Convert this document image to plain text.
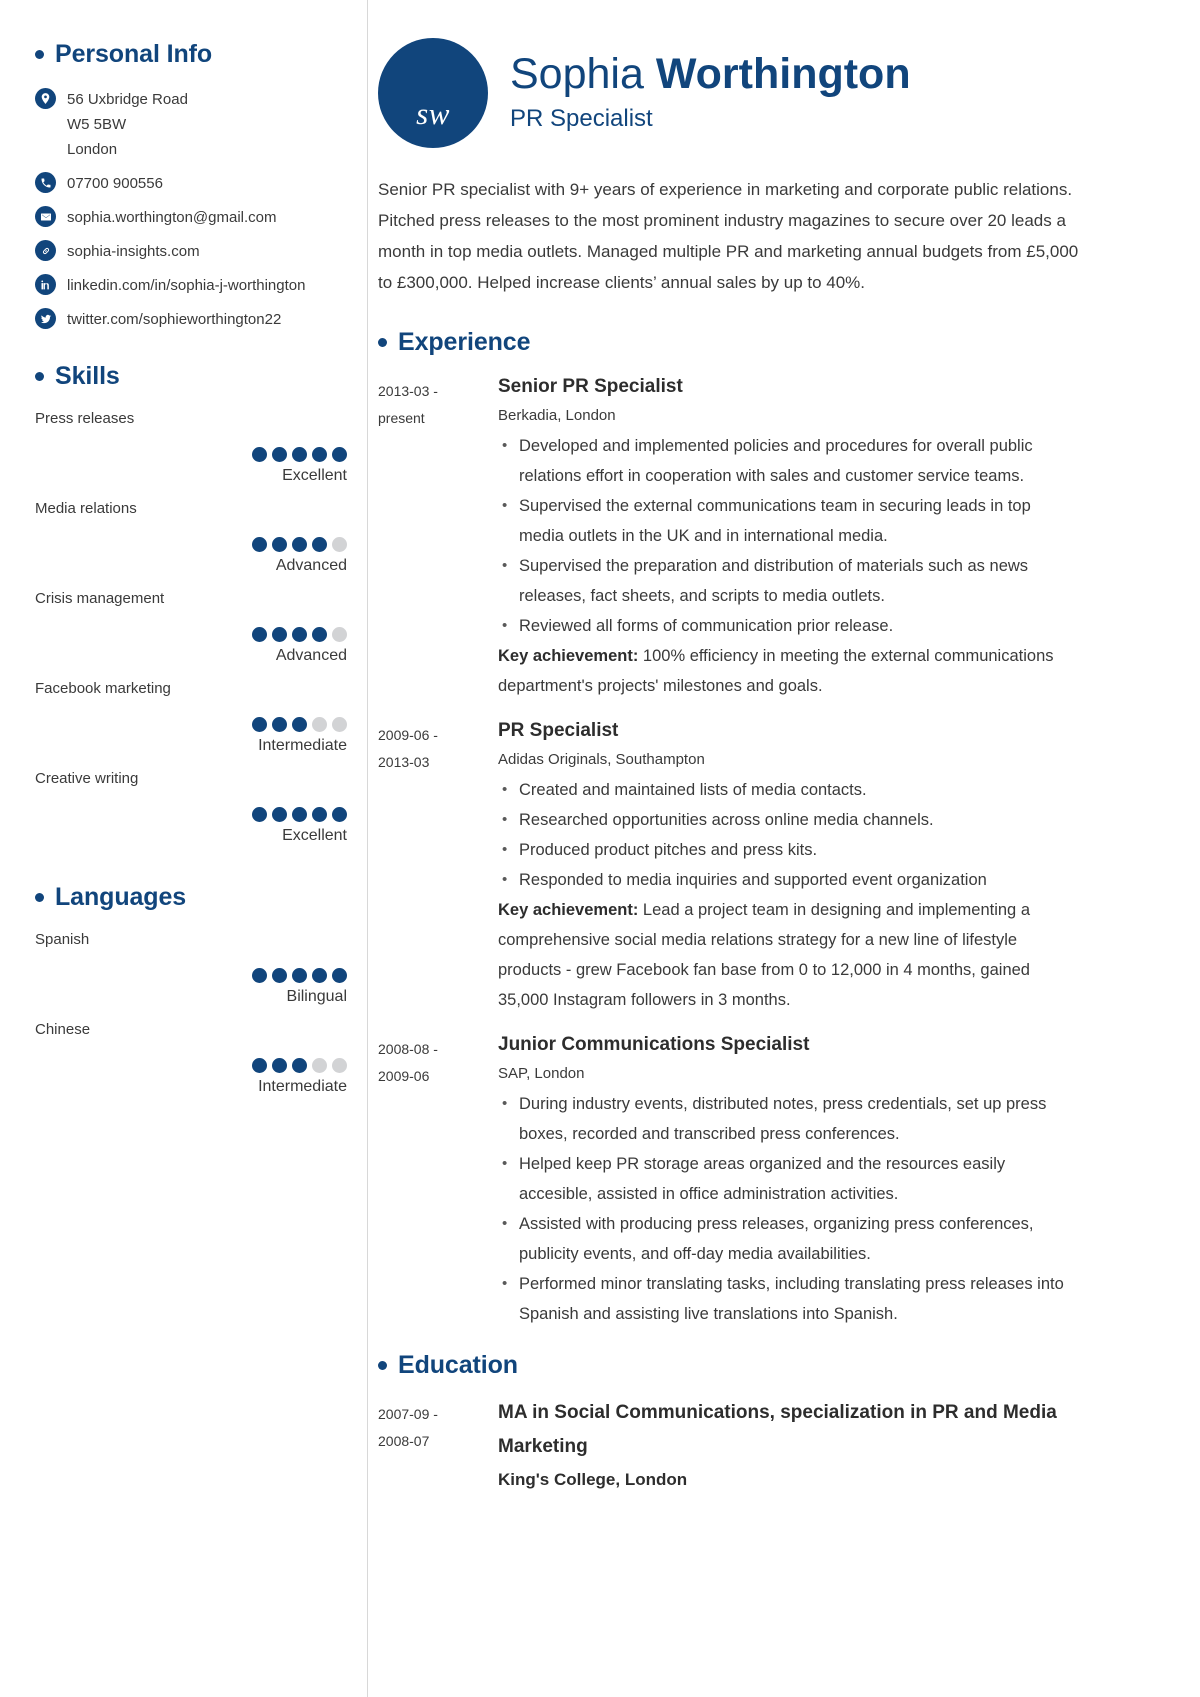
Personal Info
56 Uxbridge Road
W5 5BW
London
07700 900556
sophia.worthington@gmail.com
sophia-insights.com
linkedin.com/in/sophia-j-worthington
twitter.com/sophieworthington22
Skills
Press releases
Excellent
Media relations
Advanced
Crisis management
Advanced
Facebook marketing
Intermediate
Creative writing
Excellent
Languages
Spanish
Bilingual
Chinese
Intermediate
sw
Sophia Worthington
PR Specialist

Senior PR specialist with 9+ years of experience in marketing and corporate public relations. Pitched press releases to the most prominent industry magazines to secure over 20 leads a month in top media outlets. Managed multiple PR and marketing annual budgets from £5,000 to £300,000. Helped increase clients’ annual sales by up to 40%.

Experience
2013-03 -
present
Senior PR Specialist
Berkadia, London
• Developed and implemented policies and procedures for overall public relations effort in cooperation with sales and customer service teams.
• Supervised the external communications team in securing leads in top media outlets in the UK and in international media.
• Supervised the preparation and distribution of materials such as news releases, fact sheets, and scripts to media outlets.
• Reviewed all forms of communication prior release.
Key achievement: 100% efficiency in meeting the external communications department's projects' milestones and goals.
2009-06 -
2013-03
PR Specialist
Adidas Originals, Southampton
• Created and maintained lists of media contacts.
• Researched opportunities across online media channels.
• Produced product pitches and press kits.
• Responded to media inquiries and supported event organization
Key achievement: Lead a project team in designing and implementing a comprehensive social media relations strategy for a new line of lifestyle products - grew Facebook fan base from 0 to 12,000 in 4 months, gained 35,000 Instagram followers in 3 months.
2008-08 -
2009-06
Junior Communications Specialist
SAP, London
• During industry events, distributed notes, press credentials, set up press boxes, recorded and transcribed press conferences.
• Helped keep PR storage areas organized and the resources easily accesible, assisted in office administration activities.
• Assisted with producing press releases, organizing press conferences, publicity events, and off-day media availabilities.
• Performed minor translating tasks, including translating press releases into Spanish and assisting live translations into Spanish.
Education
2007-09 -
2008-07
MA in Social Communications, specialization in PR and Media Marketing
King's College, London
